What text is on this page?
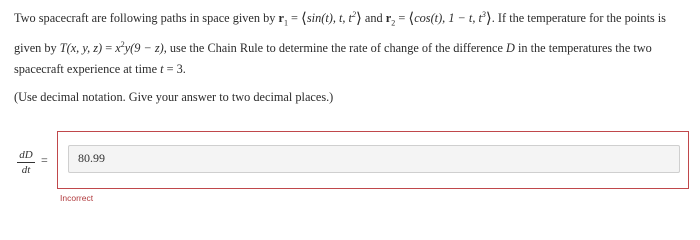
Two spacecraft are following paths in space given by $r_1$ = ⟨sin(t), t, $t^2⟩$ and $r_2$ = ⟨cos(t), 1 − t, $t^3⟩$. If the temperature for the points is given by T(x, y, $z) = x^2y(9 - z)$, use the Chain Rule to determine the rate of change of the difference D in the temperatures the two spacecraft experience at time t = 3.

(Use decimal notation. Give your answer to two decimal places.)

dD
dt
=	80.99
Incorrect
